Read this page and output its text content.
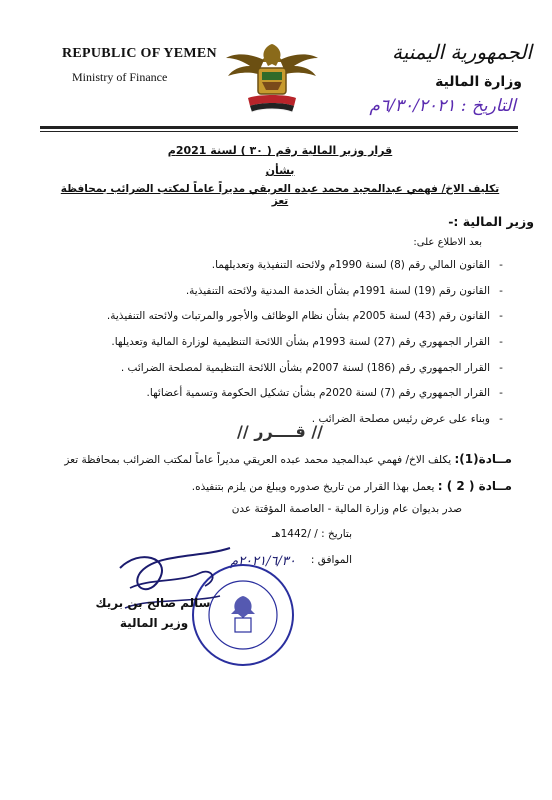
REPUBLIC OF YEMEN
Ministry of Finance
الجمهورية اليمنية
وزارة المالية
التاريخ : ٦/٣٠/٢٠٢١م
قرار وزير المالية رقم ( ٣٠ ) لسنة 2021م
بشأن
تكليف الاخ/ فهمي عبدالمجيد محمد عبده العريقي مديراً عاماً لمكتب الضرائب بمحافظة تعز
وزير المالية :-
بعد الاطلاع على:
-القانون المالي رقم (8) لسنة 1990م ولائحته التنفيذية وتعديلهما.
-القانون رقم (19) لسنة 1991م بشأن الخدمة المدنية ولائحته التنفيذية.
-القانون رقم (43) لسنة 2005م بشأن نظام الوظائف والأجور والمرتبات ولائحته التنفيذية.
-القرار الجمهوري رقم (27) لسنة 1993م بشأن اللائحة التنظيمية لوزارة المالية وتعديلها.
-القرار الجمهوري رقم (186) لسنة 2007م بشأن اللائحة التنظيمية لمصلحة الضرائب .
-القرار الجمهوري رقم (7) لسنة 2020م بشأن تشكيل الحكومة وتسمية أعضائها.
-وبناء على عرض رئيس مصلحة الضرائب .
// قــــرر //
مــادة(1): يكلف الاخ/ فهمي عبدالمجيد محمد عبده العريقي مديراً عاماً لمكتب الضرائب بمحافظة تعز
مــادة ( 2 ) : يعمل بهذا القرار من تاريخ صدوره ويبلغ من يلزم بتنفيذه.
صدر بديوان عام وزارة المالية - العاصمة المؤقتة عدن
بتاريخ : / /1442هـ
الموافق :
٢٠٢١/٦/٣٠م
سالم صالح بن بريك
وزير المالية
